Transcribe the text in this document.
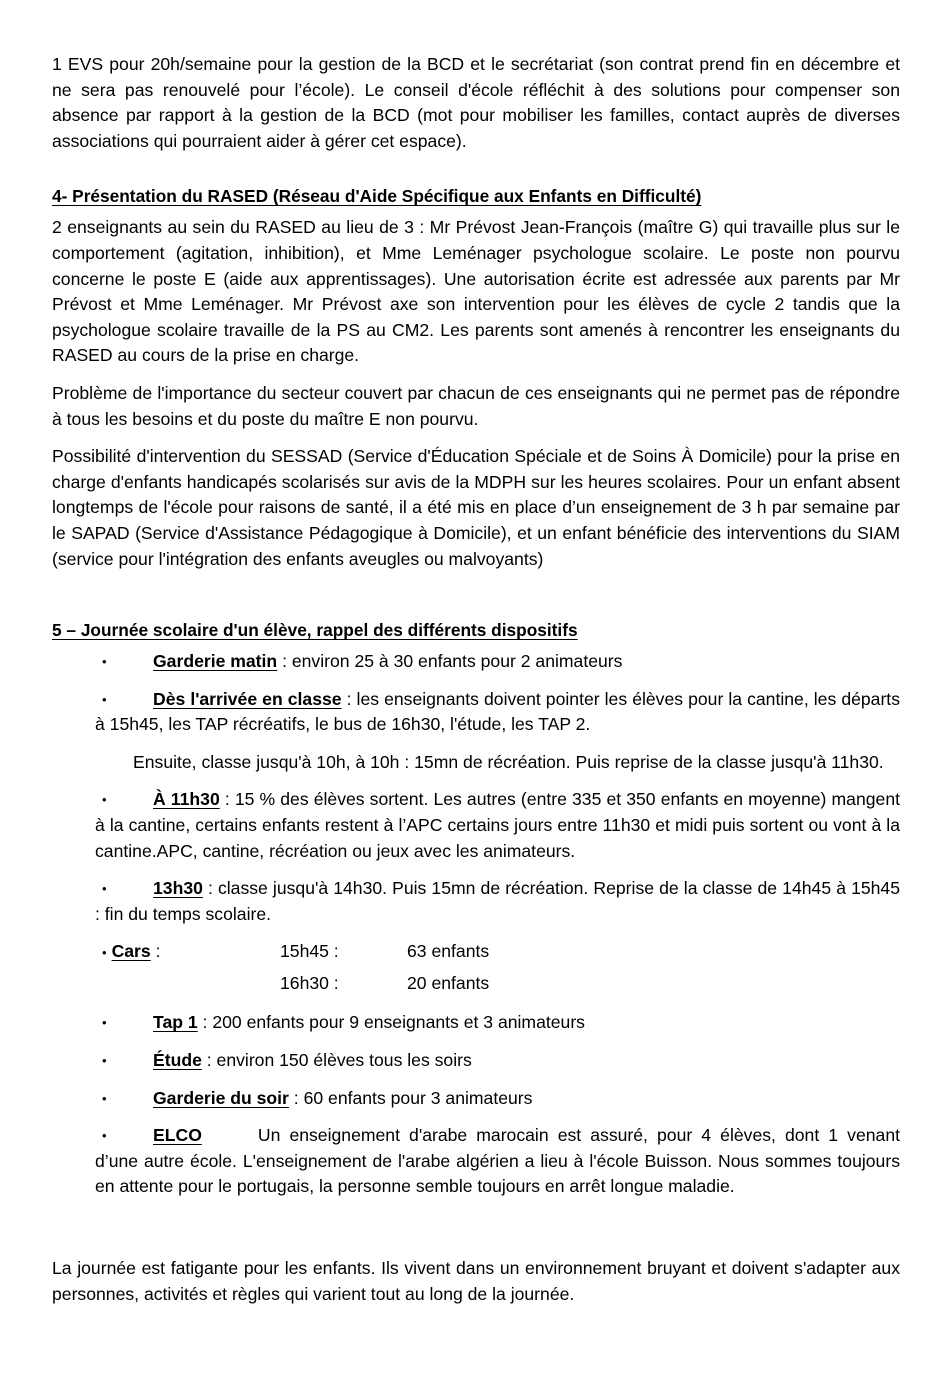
1 EVS pour 20h/semaine pour la gestion de la BCD et le secrétariat (son contrat prend fin en décembre et ne sera pas renouvelé pour l’école). Le conseil d'école réfléchit à des solutions pour compenser son absence par rapport à la gestion de la BCD (mot pour mobiliser les familles, contact auprès de diverses associations qui pourraient aider à gérer cet espace).

4- Présentation du RASED (Réseau d'Aide Spécifique aux Enfants en Difficulté)

2 enseignants au sein du RASED au lieu de 3 : Mr Prévost Jean-François (maître G) qui travaille plus sur le comportement (agitation, inhibition), et Mme Leménager psychologue scolaire. Le poste non pourvu concerne le poste E (aide aux apprentissages). Une autorisation écrite est adressée aux parents par Mr Prévost et Mme Leménager. Mr Prévost axe son intervention pour les élèves de cycle 2 tandis que la psychologue scolaire travaille de la PS au CM2. Les parents sont amenés à rencontrer les enseignants du RASED au cours de la prise en charge.

Problème de l'importance du secteur couvert par chacun de ces enseignants qui ne permet pas de répondre à tous les besoins et du poste du maître E non pourvu.

Possibilité d'intervention du SESSAD (Service d'Éducation Spéciale et de Soins À Domicile) pour la prise en charge d'enfants handicapés scolarisés sur avis de la MDPH sur les heures scolaires. Pour un enfant absent longtemps de l'école pour raisons de santé, il a été mis en place d’un enseignement de 3 h par semaine par le SAPAD (Service d'Assistance Pédagogique à Domicile), et un enfant bénéficie des interventions du SIAM (service pour l'intégration des enfants aveugles ou malvoyants)

5 – Journée scolaire d'un élève, rappel des différents dispositifs
•	Garderie matin : environ 25 à 30 enfants pour 2 animateurs
•	Dès l'arrivée en classe : les enseignants doivent pointer les élèves pour la cantine, les départs à 15h45, les TAP récréatifs, le bus de 16h30, l'étude, les TAP 2.

Ensuite, classe jusqu'à 10h, à 10h : 15mn de récréation. Puis reprise de la classe jusqu'à 11h30.

•	À 11h30 : 15 % des élèves sortent. Les autres (entre 335 et 350 enfants en moyenne) mangent à la cantine, certains enfants restent à l’APC certains jours entre 11h30 et midi puis sortent ou vont à la cantine.APC, cantine, récréation ou jeux avec les animateurs.
•	13h30 : classe jusqu'à 14h30. Puis 15mn de récréation. Reprise de la classe de 14h45 à 15h45 : fin du temps scolaire.
• Cars :	15h45 :	63 enfants
16h30 :	20 enfants
•	Tap 1 : 200 enfants pour 9 enseignants et 3 animateurs
•	Étude : environ 150 élèves tous les soirs
•	Garderie du soir : 60 enfants pour 3 animateurs
•	ELCO	Un enseignement d'arabe marocain est assuré, pour 4 élèves, dont 1 venant d’une autre école. L'enseignement de l'arabe algérien a lieu à l'école Buisson. Nous sommes toujours en attente pour le portugais, la personne semble toujours en arrêt longue maladie.

La journée est fatigante pour les enfants. Ils vivent dans un environnement bruyant et doivent s'adapter aux personnes, activités et règles qui varient tout au long de la journée.
